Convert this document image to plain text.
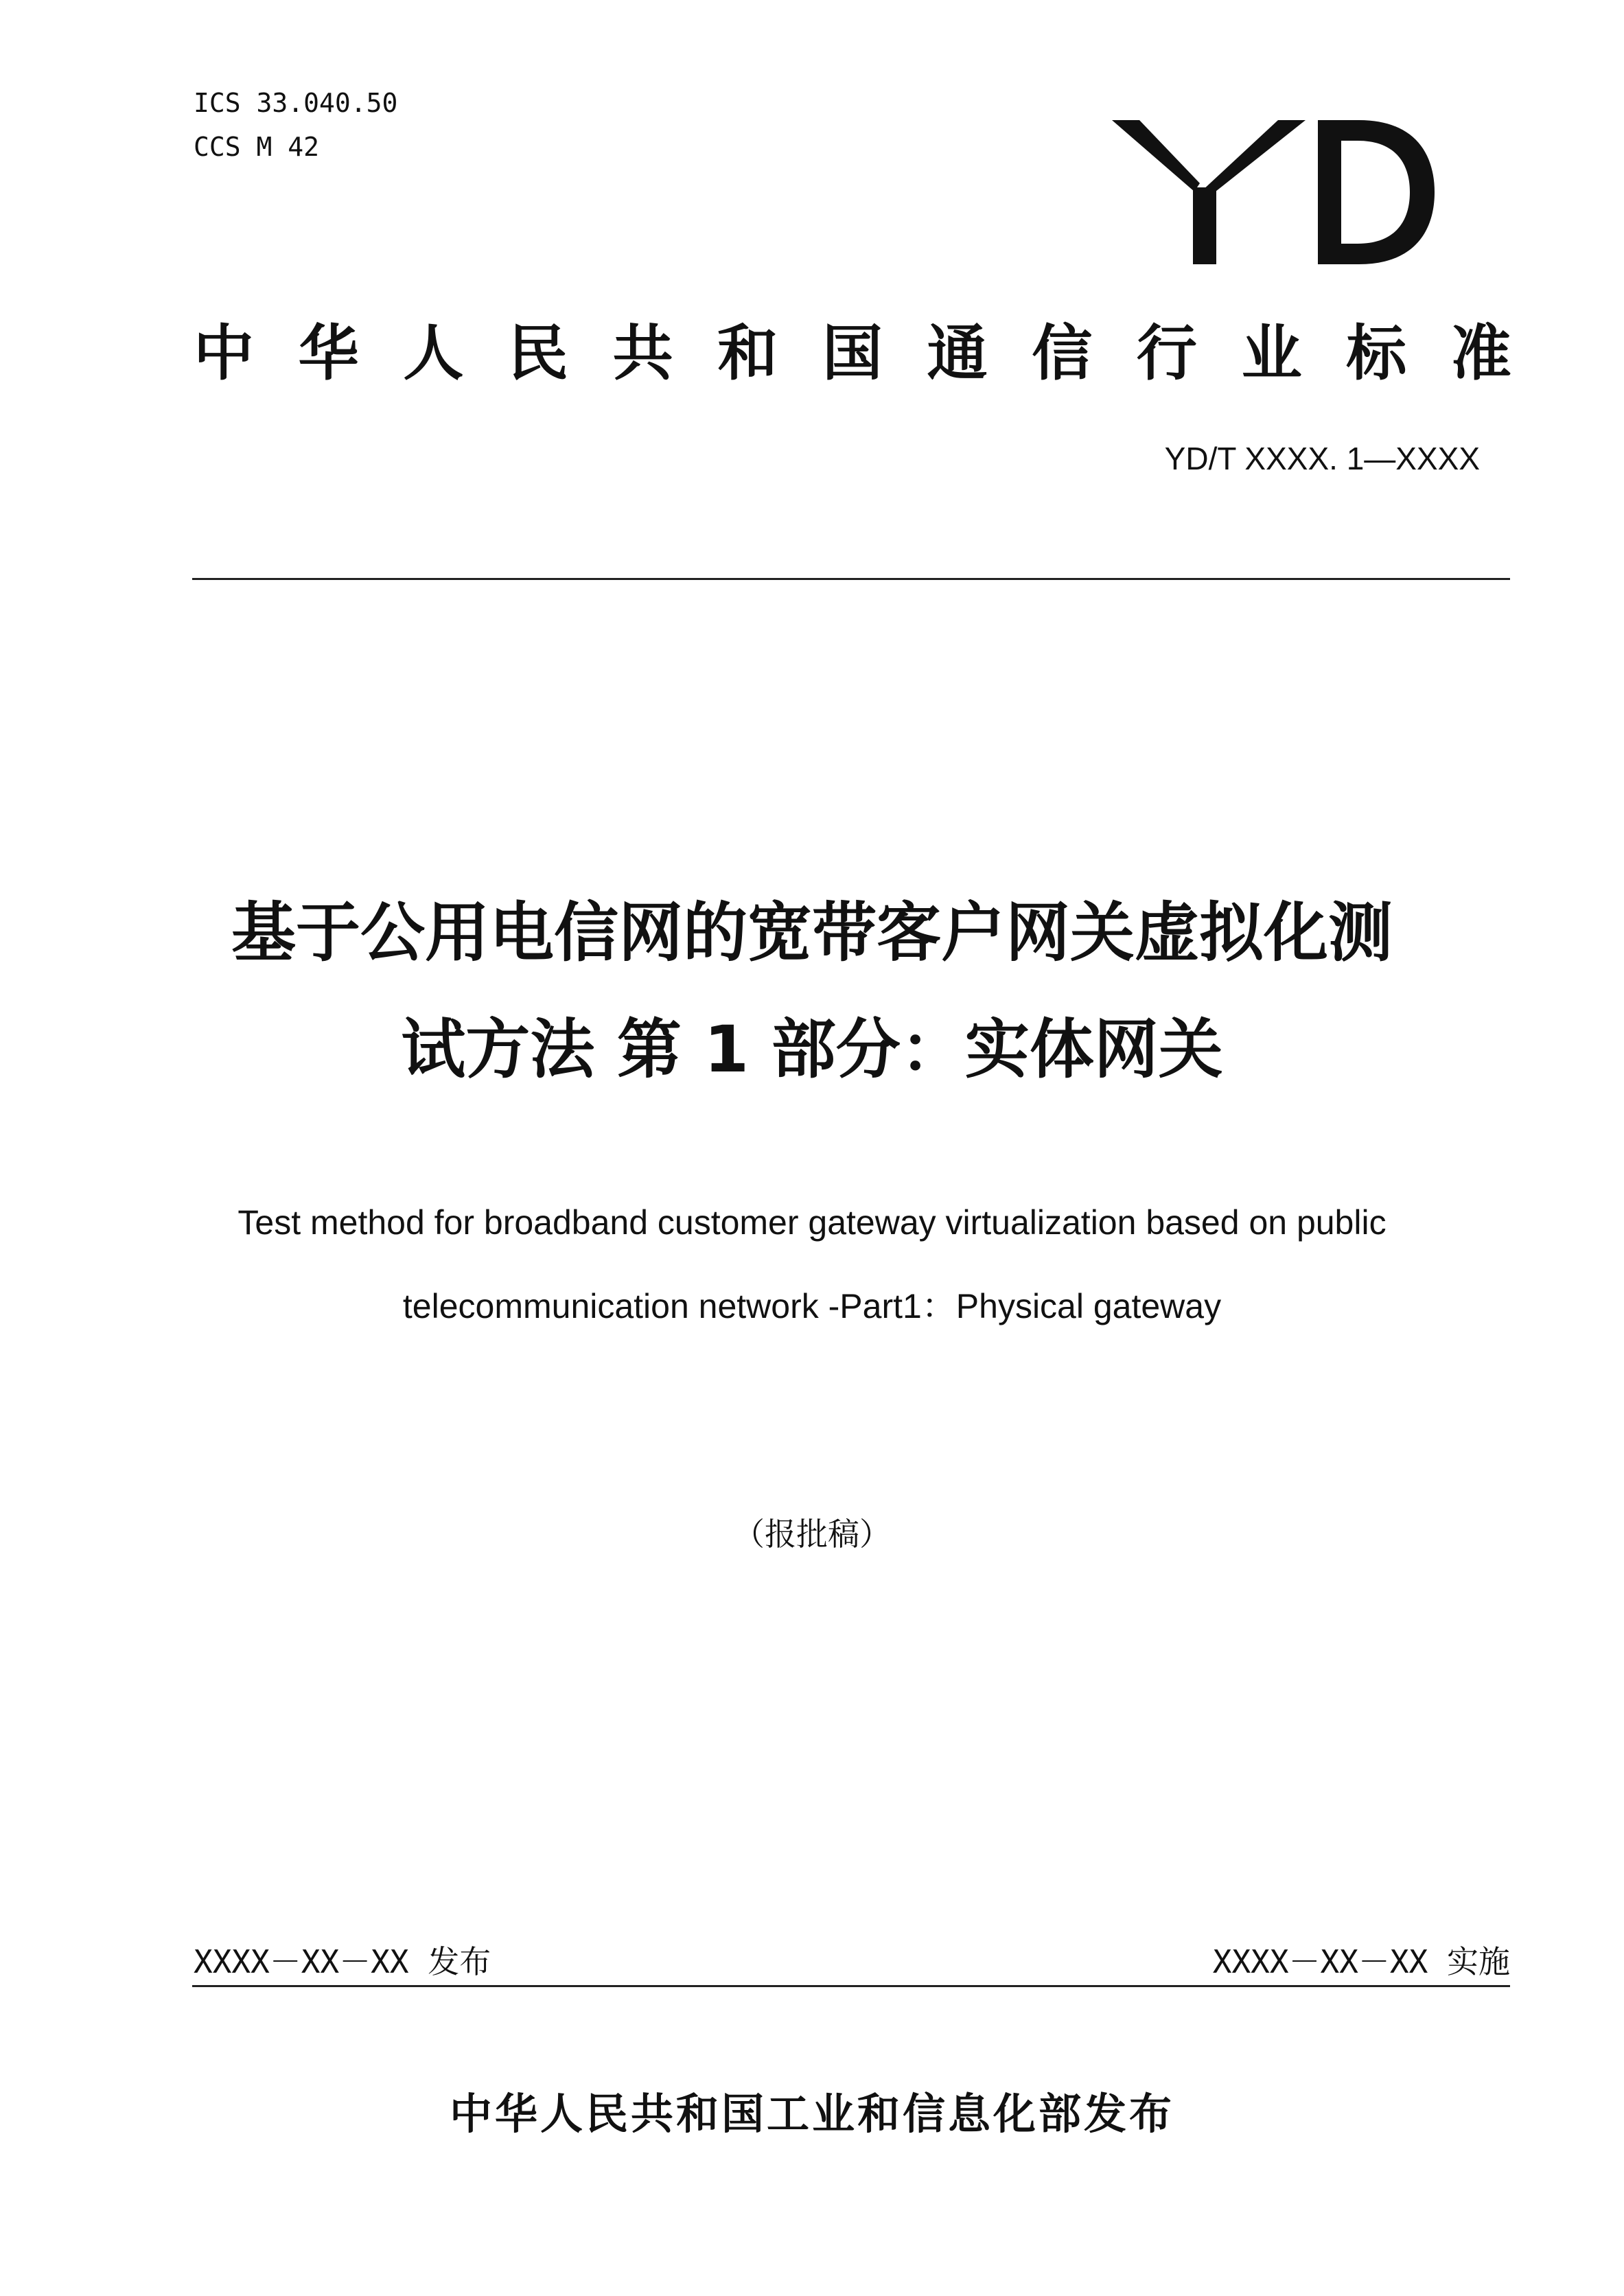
ICS 33.040.50
CCS M 42
中 华 人 民 共 和 国 通 信 行 业 标 准
YD/T XXXX. 1—XXXX
基于公用电信网的宽带客户网关虚拟化测
试方法 第 1 部分：实体网关
Test method for broadband customer gateway virtualization based on public
telecommunication network -Part1：Physical gateway
（报批稿）
XXXX－XX－XX 发布	XXXX－XX－XX 实施
中华人民共和国工业和信息化部发布
